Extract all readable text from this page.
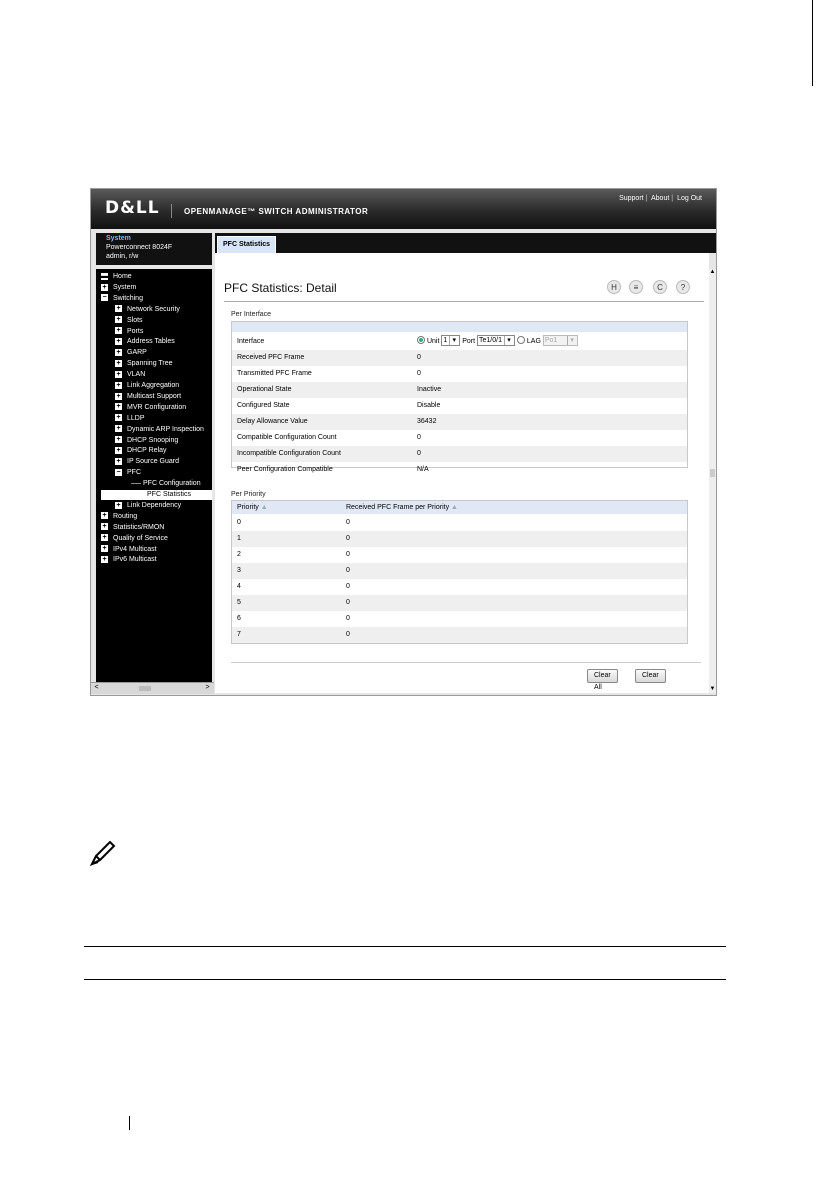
D&LL	OPENMANAGE™ SWITCH ADMINISTRATOR
Support | About | Log Out
System
Powerconnect 8024F
admin, r/w
▬ Home
+ System
− Switching
+ Network Security
+ Slots
+ Ports
+ Address Tables
+ GARP
+ Spanning Tree
+ VLAN
+ Link Aggregation
+ Multicast Support
+ MVR Configuration
+ LLDP
+ Dynamic ARP Inspection
+ DHCP Snooping
+ DHCP Relay
+ IP Source Guard
− PFC
PFC Configuration
PFC Statistics
+ Link Dependency
+ Routing
+ Statistics/RMON
+ Quality of Service
+ IPv4 Multicast
+ IPv6 Multicast
<	>
PFC Statistics
PFC Statistics: Detail	H	≡	C	?
Per Interface
Interface	Unit 1 ▾ Port Te1/0/1 ▾ LAG Po1 ▾
Received PFC Frame	0
Transmitted PFC Frame	0
Operational State	Inactive
Configured State	Disable
Delay Allowance Value	36432
Compatible Configuration Count	0
Incompatible Configuration Count	0
Peer Configuration Compatible	N/A
Per Priority
Priority ▲	Received PFC Frame per Priority ▲
0	0
1	0
2	0
3	0
4	0
5	0
6	0
7	0
Clear All
Clear
▲
▼
